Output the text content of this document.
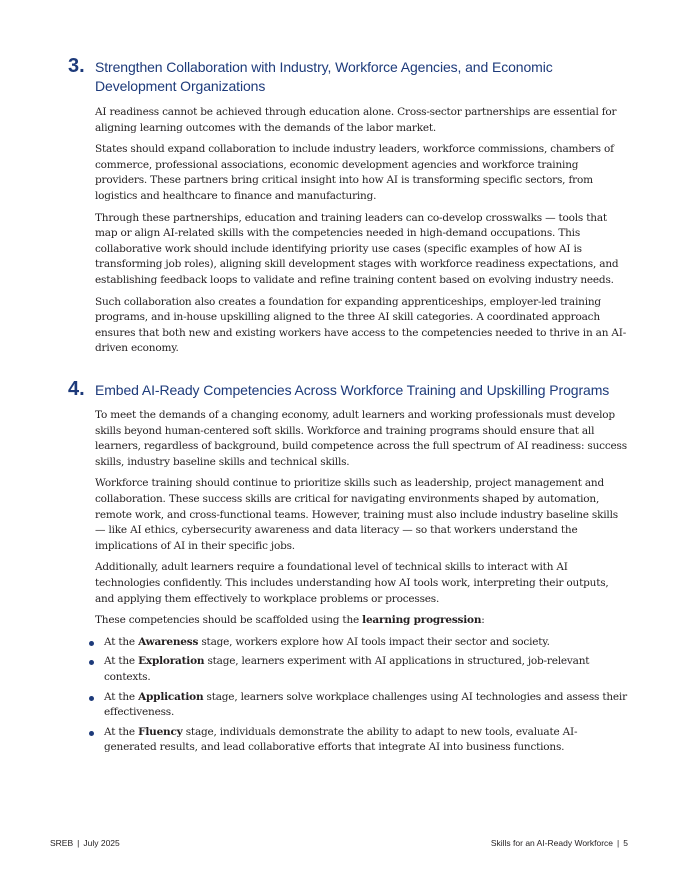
3. Strengthen Collaboration with Industry, Workforce Agencies, and Economic
Development Organizations

AI readiness cannot be achieved through education alone. Cross-sector partnerships are essential for aligning learning outcomes with the demands of the labor market.

States should expand collaboration to include industry leaders, workforce commissions, chambers of commerce, professional associations, economic development agencies and workforce training providers. These partners bring critical insight into how AI is transforming specific sectors, from logistics and healthcare to finance and manufacturing.

Through these partnerships, education and training leaders can co-develop crosswalks — tools that map or align AI-related skills with the competencies needed in high-demand occupations. This collaborative work should include identifying priority use cases (specific examples of how AI is transforming job roles), aligning skill development stages with workforce readiness expectations, and establishing feedback loops to validate and refine training content based on evolving industry needs.

Such collaboration also creates a foundation for expanding apprenticeships, employer-led training programs, and in-house upskilling aligned to the three AI skill categories. A coordinated approach ensures that both new and existing workers have access to the competencies needed to thrive in an AI-driven economy.

4. Embed AI-Ready Competencies Across Workforce Training and Upskilling Programs

To meet the demands of a changing economy, adult learners and working professionals must develop skills beyond human-centered soft skills. Workforce and training programs should ensure that all learners, regardless of background, build competence across the full spectrum of AI readiness: success skills, industry baseline skills and technical skills.

Workforce training should continue to prioritize skills such as leadership, project management and collaboration. These success skills are critical for navigating environments shaped by automation, remote work, and cross-functional teams. However, training must also include industry baseline skills — like AI ethics, cybersecurity awareness and data literacy — so that workers understand the implications of AI in their specific jobs.

Additionally, adult learners require a foundational level of technical skills to interact with AI technologies confidently. This includes understanding how AI tools work, interpreting their outputs, and applying them effectively to workplace problems or processes.

These competencies should be scaffolded using the learning progression:

At the Awareness stage, workers explore how AI tools impact their sector and society.
At the Exploration stage, learners experiment with AI applications in structured, job-relevant contexts.
At the Application stage, learners solve workplace challenges using AI technologies and assess their effectiveness.
At the Fluency stage, individuals demonstrate the ability to adapt to new tools, evaluate AI-generated results, and lead collaborative efforts that integrate AI into business functions.
SREB | July 2025	Skills for an AI-Ready Workforce | 5
